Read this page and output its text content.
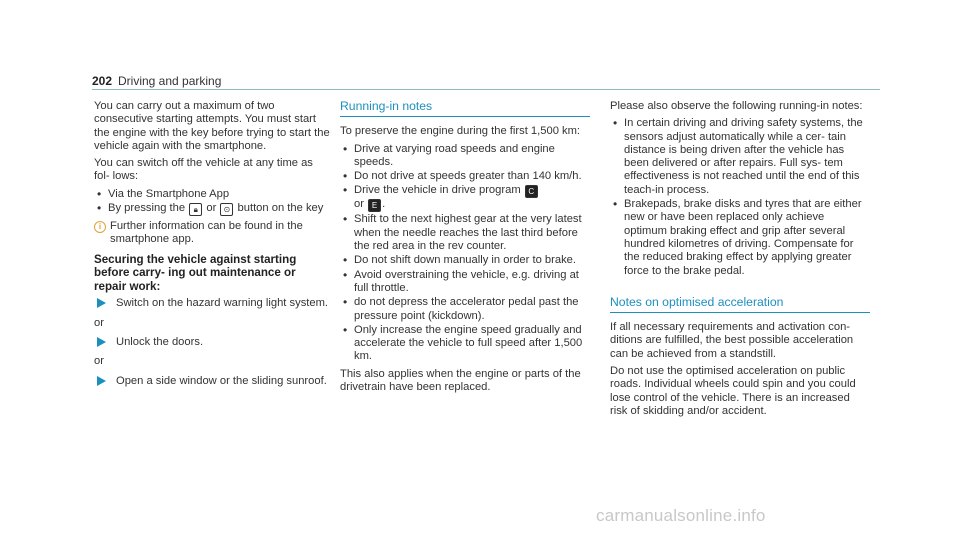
202 Driving and parking

You can carry out a maximum of two consecutive starting attempts. You must start the engine with the key before trying to start the vehicle again with the smartphone.

You can switch off the vehicle at any time as fol- lows:

• Via the Smartphone App
• By pressing the 🔒︎ or ⊙ button on the key
i Further information can be found in the smartphone app.

Securing the vehicle against starting before carry- ing out maintenance or repair work:

Switch on the hazard warning light system.

or

Unlock the doors.

or

Open a side window or the sliding sunroof.
Running-in notes

To preserve the engine during the first 1,500 km:

• Drive at varying road speeds and engine speeds.
• Do not drive at speeds greater than 140 km/h.
• Drive the vehicle in drive program C
or E .
• Shift to the next highest gear at the very latest when the needle reaches the last third before the red area in the rev counter.
• Do not shift down manually in order to brake.
• Avoid overstraining the vehicle, e.g. driving at full throttle.
• do not depress the accelerator pedal past the pressure point (kickdown).
• Only increase the engine speed gradually and accelerate the vehicle to full speed after 1,500 km.

This also applies when the engine or parts of the drivetrain have been replaced.

Please also observe the following running-in notes:

• In certain driving and driving safety systems, the sensors adjust automatically while a cer- tain distance is being driven after the vehicle has been delivered or after repairs. Full sys- tem effectiveness is not reached until the end of this teach-in process.
• Brakepads, brake disks and tyres that are either new or have been replaced only achieve optimum braking effect and grip after several hundred kilometres of driving. Compensate for the reduced braking effect by applying greater force to the brake pedal.
Notes on optimised acceleration

If all necessary requirements and activation con- ditions are fulfilled, the best possible acceleration can be achieved from a standstill.

Do not use the optimised acceleration on public roads. Individual wheels could spin and you could lose control of the vehicle. There is an increased risk of skidding and/or accident.

carmanualsonline.info
